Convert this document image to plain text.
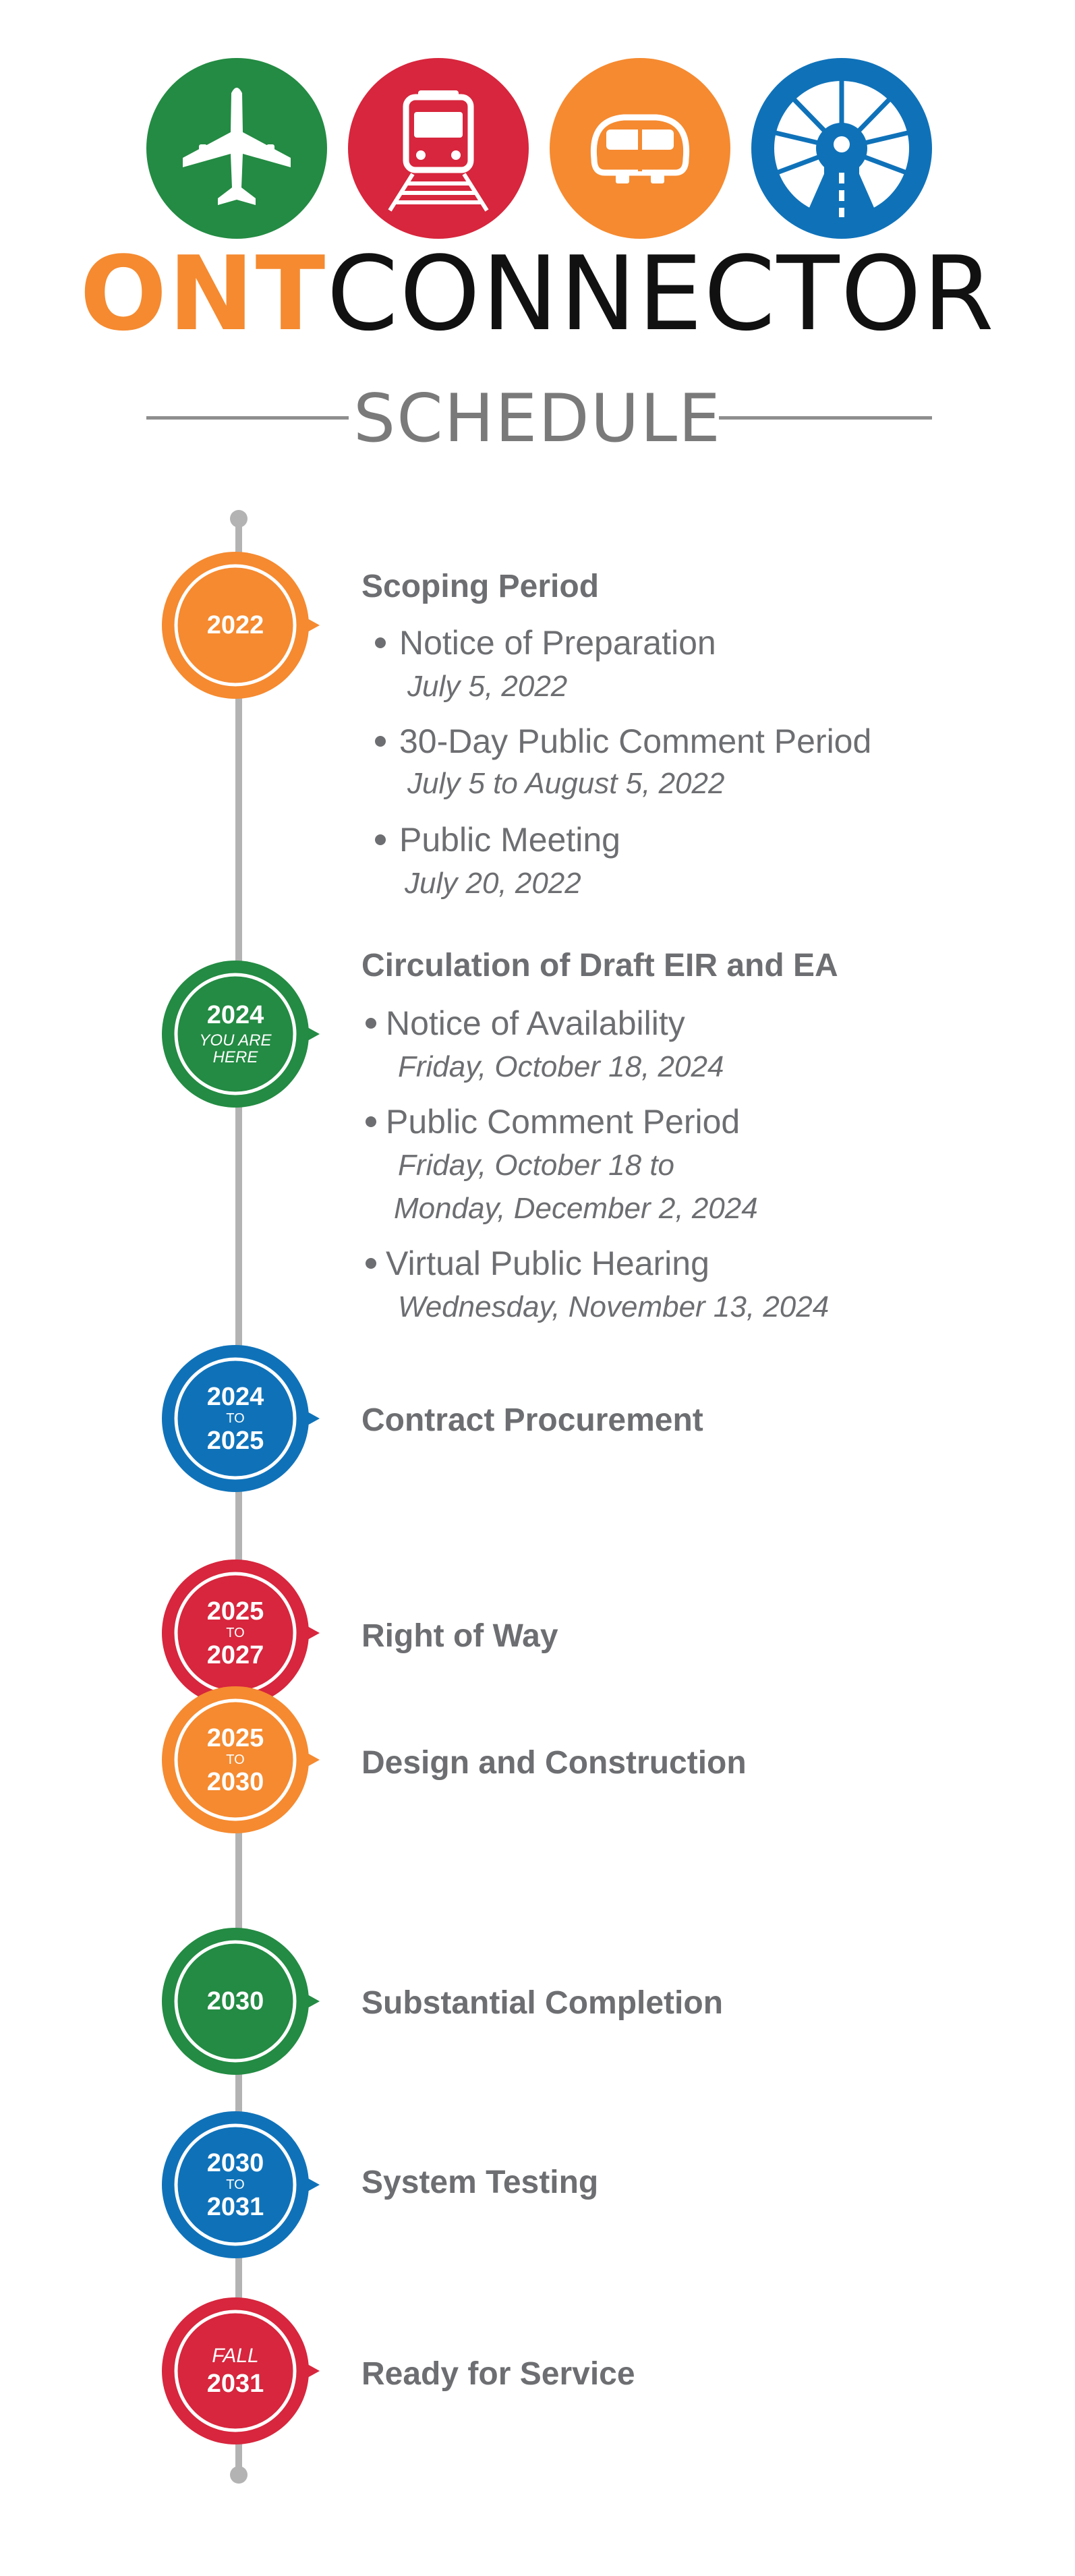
ONTCONNECTOR
SCHEDULE
2022
Scoping Period
Notice of Preparation
July 5, 2022
30-Day Public Comment Period
July 5 to August 5, 2022
Public Meeting
July 20, 2022
2024
YOU ARE
HERE
Circulation of Draft EIR and EA
Notice of Availability
Friday, October 18, 2024
Public Comment Period
Friday, October 18 to
Monday, December 2, 2024
Virtual Public Hearing
Wednesday, November 13, 2024
2024
TO
2025
Contract Procurement
2025
TO
2027
Right of Way
2025
TO
2030
Design and Construction
2030	Substantial Completion
2030
TO
2031
System Testing
FALL
2031	Ready for Service
